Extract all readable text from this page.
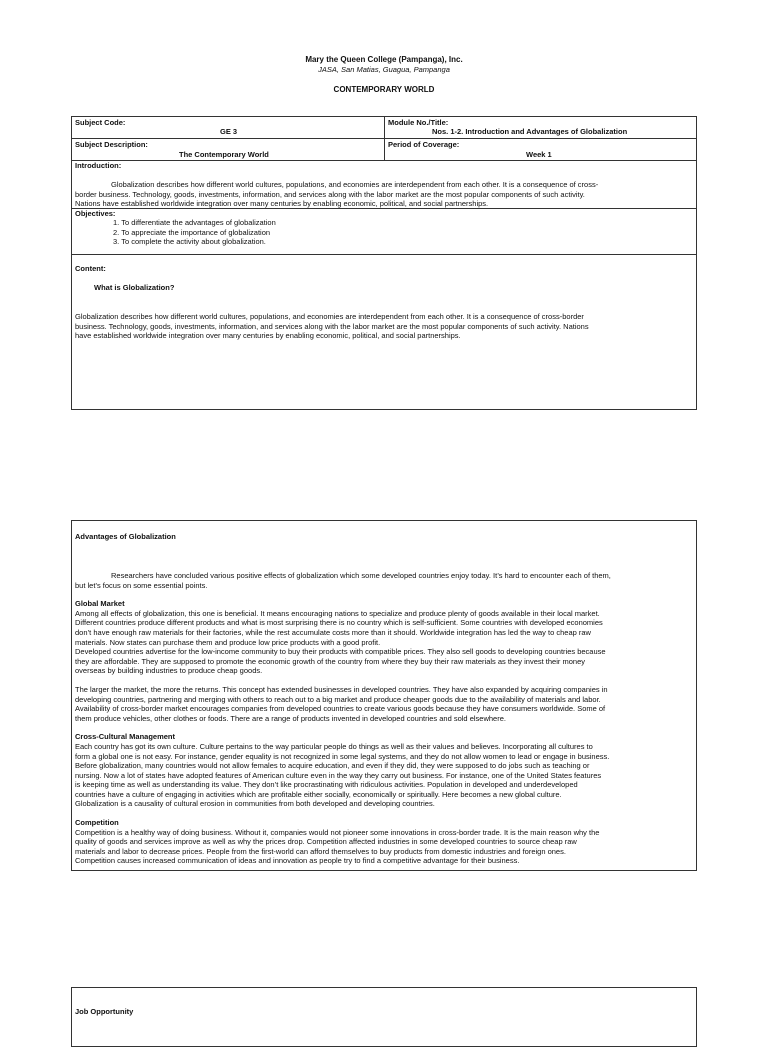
Mary the Queen College (Pampanga), Inc.
JASA, San Matias, Guagua, Pampanga
CONTEMPORARY WORLD
Subject Code:
GE 3
Module No./Title:
Nos. 1-2. Introduction and Advantages of Globalization
Subject Description:
The Contemporary World
Period of Coverage:
Week 1
Introduction:
Globalization describes how different world cultures, populations, and economies are interdependent from each other. It is a consequence of cross-
border business. Technology, goods, investments, information, and services along with the labor market are the most popular components of such activity.
Nations have established worldwide integration over many centuries by enabling economic, political, and social partnerships.
Objectives:
1. To differentiate the advantages of globalization
2. To appreciate the importance of globalization
3. To complete the activity about globalization.
Content:
What is Globalization?
Globalization describes how different world cultures, populations, and economies are interdependent from each other. It is a consequence of cross-border
business. Technology, goods, investments, information, and services along with the labor market are the most popular components of such activity. Nations
have established worldwide integration over many centuries by enabling economic, political, and social partnerships.
Advantages of Globalization
Researchers have concluded various positive effects of globalization which some developed countries enjoy today. It’s hard to encounter each of them,
but let’s focus on some essential points.
Global Market
Among all effects of globalization, this one is beneficial. It means encouraging nations to specialize and produce plenty of goods available in their local market.
Different countries produce different products and what is most surprising there is no country which is self-sufficient. Some countries with developed economies
don’t have enough raw materials for their factories, while the rest accumulate costs more than it should. Worldwide integration has led the way to cheap raw
materials. Now states can purchase them and produce low price products with a good profit.
Developed countries advertise for the low-income community to buy their products with compatible prices. They also sell goods to developing countries because
they are affordable. They are supposed to promote the economic growth of the country from where they buy their raw materials as they invest their money
overseas by building industries to produce cheap goods.
The larger the market, the more the returns. This concept has extended businesses in developed countries. They have also expanded by acquiring companies in
developing countries, partnering and merging with others to reach out to a big market and produce cheaper goods due to the availability of materials and labor.
Availability of cross-border market encourages companies from developed countries to create various goods because they have consumers worldwide. Some of
them produce vehicles, other clothes or foods. There are a range of products invented in developed countries and sold elsewhere.
Cross-Cultural Management
Each country has got its own culture. Culture pertains to the way particular people do things as well as their values and believes. Incorporating all cultures to
form a global one is not easy. For instance, gender equality is not recognized in some legal systems, and they do not allow women to lead or engage in business.
Before globalization, many countries would not allow females to acquire education, and even if they did, they were supposed to do jobs such as teaching or
nursing. Now a lot of states have adopted features of American culture even in the way they carry out business. For instance, one of the United States features
is keeping time as well as understanding its value. They don’t like procrastinating with ridiculous activities. Population in developed and underdeveloped
countries have a culture of engaging in activities which are profitable either socially, economically or spiritually. Here becomes a new global culture.
Globalization is a causality of cultural erosion in communities from both developed and developing countries.
Competition
Competition is a healthy way of doing business. Without it, companies would not pioneer some innovations in cross-border trade. It is the main reason why the
quality of goods and services improve as well as why the prices drop. Competition affected industries in some developed countries to source cheap raw
materials and labor to decrease prices. People from the first-world can afford themselves to buy products from domestic industries and foreign ones.
Competition causes increased communication of ideas and innovation as people try to find a competitive advantage for their business.
Job Opportunity
